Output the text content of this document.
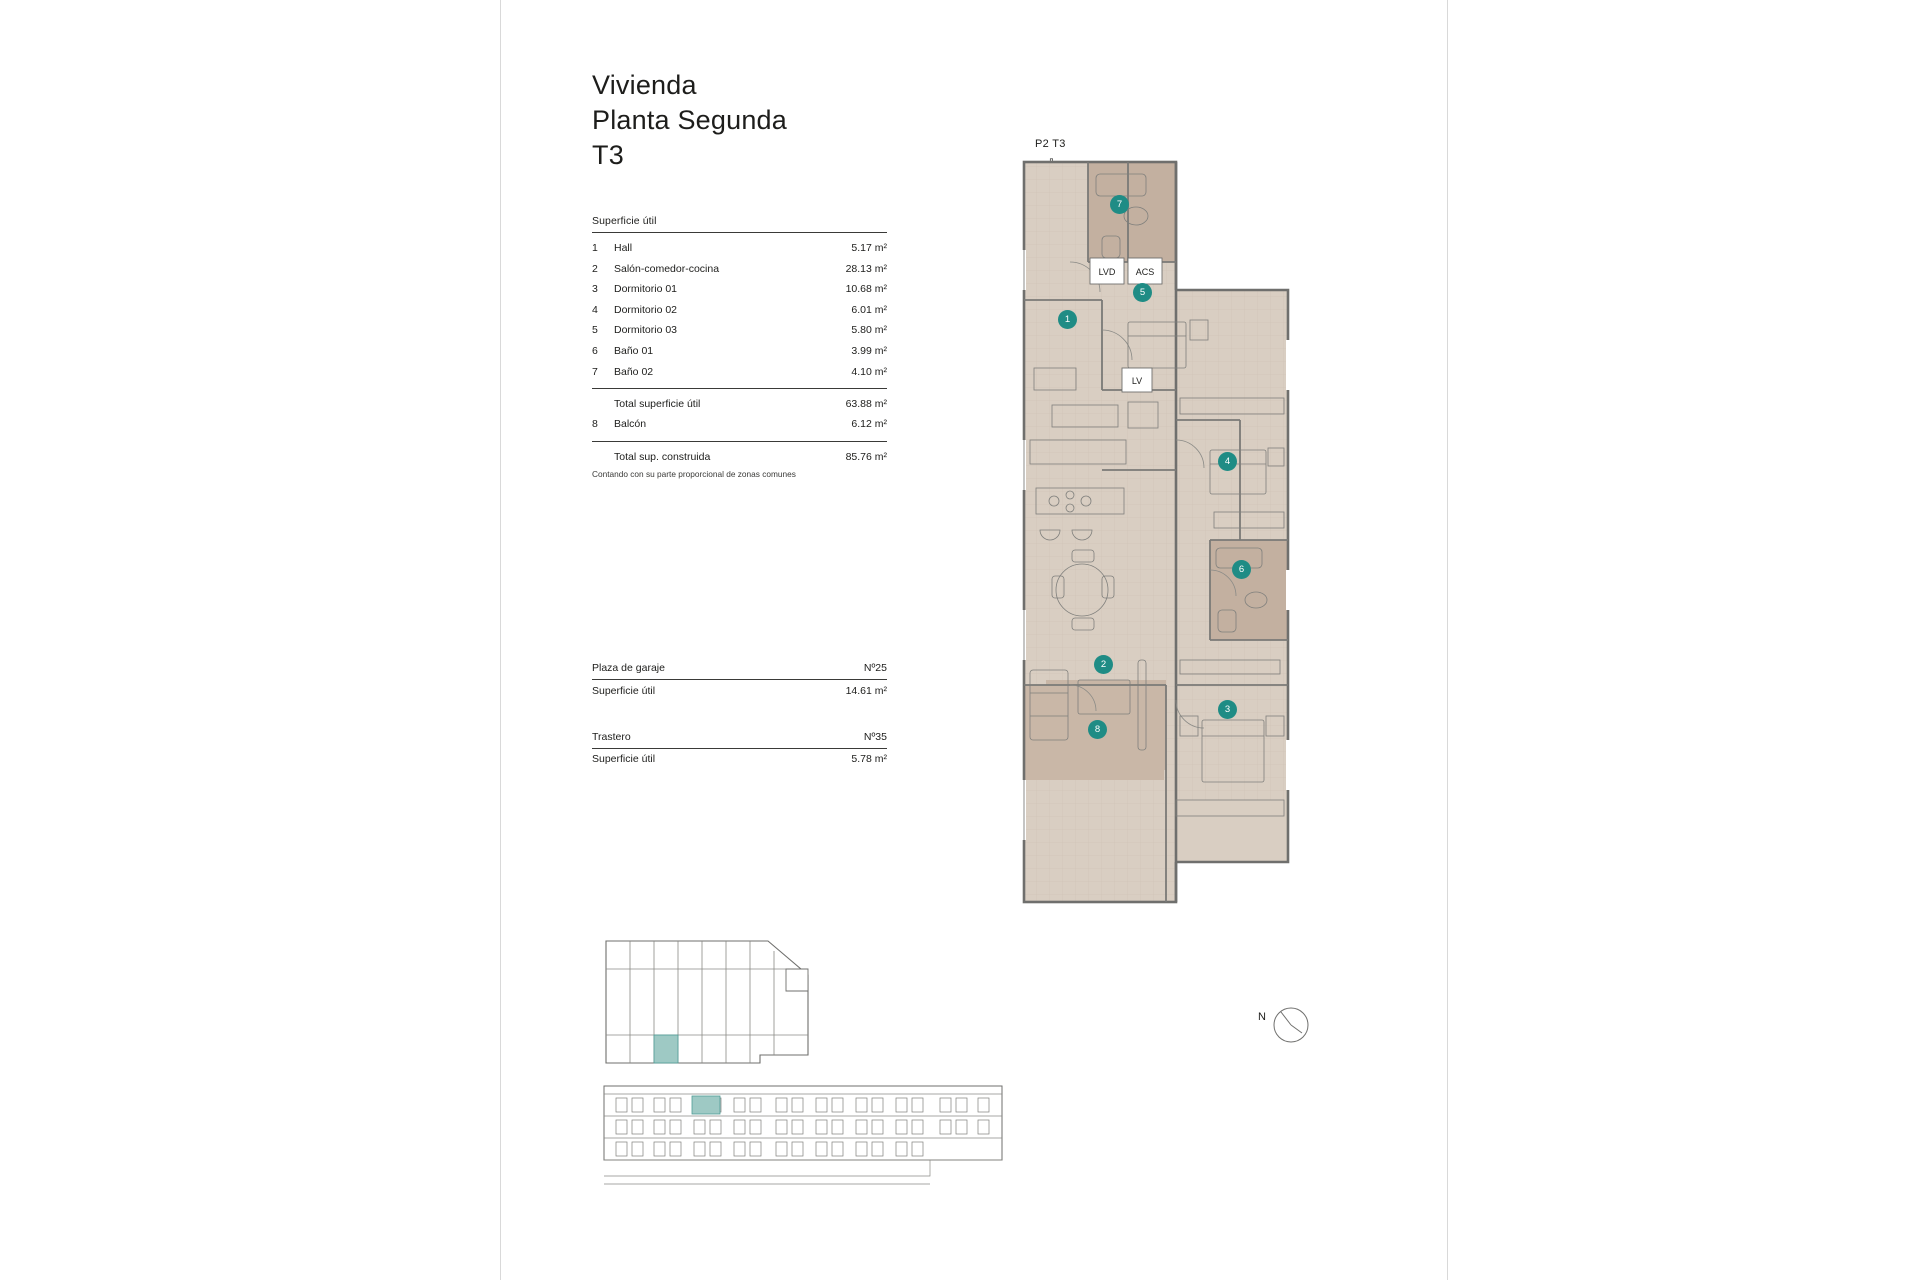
Vivienda
Planta Segunda
T3
Superficie útil
1	Hall	5.17 m²
2	Salón-comedor-cocina	28.13 m²
3	Dormitorio 01	10.68 m²
4	Dormitorio 02	6.01 m²
5	Dormitorio 03	5.80 m²
6	Baño 01	3.99 m²
7	Baño 02	4.10 m²
Total superficie útil	63.88 m²
8	Balcón	6.12 m²
Total sup. construida	85.76 m²
Contando con su parte proporcional de zonas comunes
Plaza de garaje	Nº25
Superficie útil	14.61 m²
Trastero	Nº35
Superficie útil	5.78 m²
P2 T3
LVD ACS
LV
1
2
3
4
5
6
7
8
N
